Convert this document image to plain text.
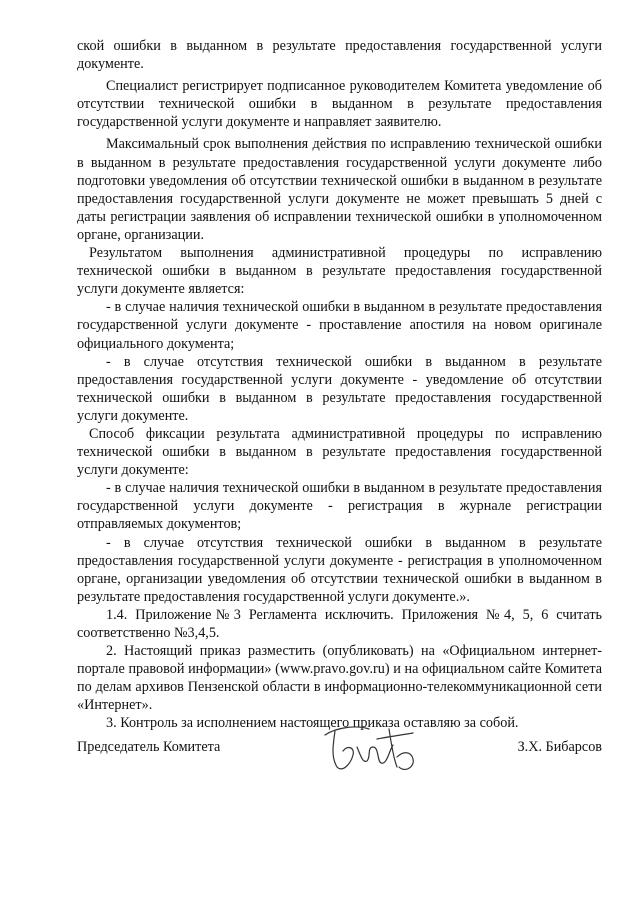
ской ошибки в выданном в результате предоставления государственной услуги документе.

Специалист регистрирует подписанное руководителем Комитета уведомление об отсутствии технической ошибки в выданном в результате предоставления государственной услуги документе и направляет заявителю.

Максимальный срок выполнения действия по исправлению технической ошибки в выданном в результате предоставления государственной услуги документе либо подготовки уведомления об отсутствии технической ошибки в выданном в результате предоставления государственной услуги документе не может превышать 5 дней с даты регистрации заявления об исправлении технической ошибки в уполномоченном органе, организации.

Результатом выполнения административной процедуры по исправлению технической ошибки в выданном в результате предоставления государственной услуги документе является:

- в случае наличия технической ошибки в выданном в результате предоставления государственной услуги документе - проставление апостиля на новом оригинале официального документа;

- в случае отсутствия технической ошибки в выданном в результате предоставления государственной услуги документе - уведомление об отсутствии технической ошибки в выданном в результате предоставления государственной услуги документе.

Способ фиксации результата административной процедуры по исправлению технической ошибки в выданном в результате предоставления государственной услуги документе:

- в случае наличия технической ошибки в выданном в результате предоставления государственной услуги документе - регистрация в журнале регистрации отправляемых документов;

- в случае отсутствия технической ошибки в выданном в результате предоставления государственной услуги документе - регистрация в уполномоченном органе, организации уведомления об отсутствии технической ошибки в выданном в результате предоставления государственной услуги документе.».

1.4. Приложение№3 Регламента исключить. Приложения №4, 5, 6 считать соответственно №3,4,5.

2. Настоящий приказ разместить (опубликовать) на «Официальном интернет-портале правовой информации» (www.pravo.gov.ru) и на официальном сайте Комитета по делам архивов Пензенской области в информационно-телекоммуникационной сети «Интернет».

3. Контроль за исполнением настоящего приказа оставляю за собой.

Председатель Комитета	З.Х. Бибарсов
